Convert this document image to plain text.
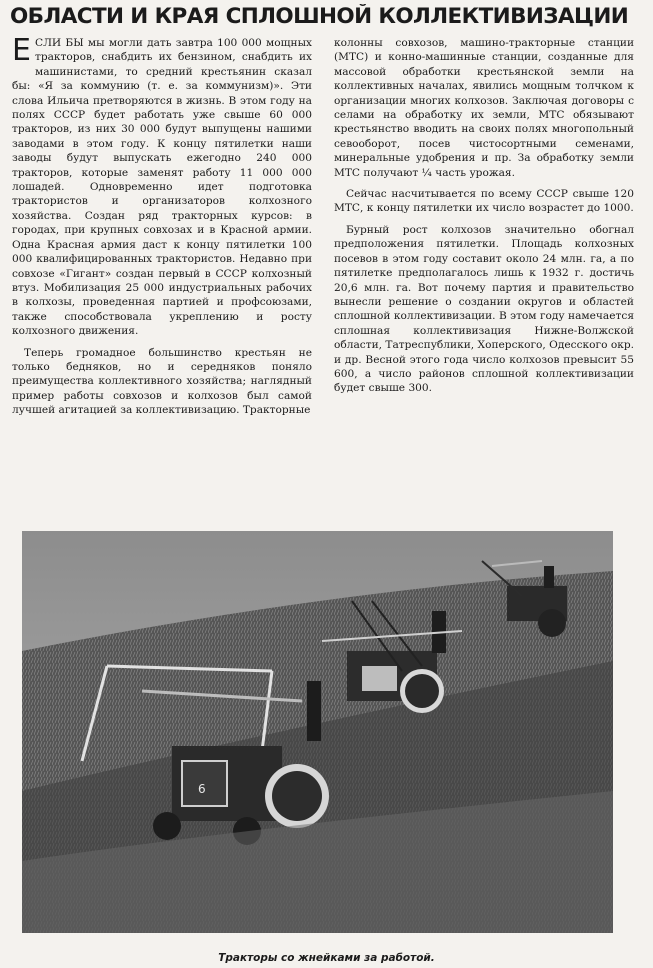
ОБЛАСТИ И КРАЯ СПЛОШНОЙ КОЛЛЕКТИВИЗАЦИИ

ЕСЛИ БЫ мы могли дать завтра 100 000 мощных тракторов, снабдить их бензином, снабдить их машинистами, то средний крестьянин сказал бы: «Я за коммунию (т. е. за коммунизм)». Эти слова Ильича претворяются в жизнь. В этом году на полях СССР будет работать уже свыше 60 000 тракторов, из них 30 000 будут выпущены нашими заводами в этом году. К концу пятилетки наши заводы будут выпускать ежегодно 240 000 тракторов, которые заменят работу 11 000 000 лошадей. Одновременно идет подготовка трактористов и организаторов колхозного хозяйства. Создан ряд тракторных курсов: в городах, при крупных совхозах и в Красной армии. Одна Красная армия даст к концу пятилетки 100 000 квалифицированных трактористов. Недавно при совхозе «Гигант» создан первый в СССР колхозный втуз. Мобилизация 25 000 индустриальных рабочих в колхозы, проведенная партией и профсоюзами, также способствовала укреплению и росту колхозного движения.

Теперь громадное большинство крестьян не только бедняков, но и середняков поняло преимущества коллективного хозяйства; наглядный пример работы совхозов и колхозов был самой лучшей агитацией за коллективизацию. Тракторные

колонны совхозов, машино-тракторные станции (МТС) и конно-машинные станции, созданные для массовой обработки крестьянской земли на коллективных началах, явились мощным толчком к организации многих колхозов. Заключая договоры с селами на обработку их земли, МТС обязывают крестьянство вводить на своих полях многопольный севооборот, посев чистосортными семенами, минеральные удобрения и пр. За обработку земли МТС получают ¼ часть урожая.

Сейчас насчитывается по всему СССР свыше 120 МТС, к концу пятилетки их число возрастет до 1000.

Бурный рост колхозов значительно обогнал предположения пятилетки. Площадь колхозных посевов в этом году составит около 24 млн. га, а по пятилетке предполагалось лишь к 1932 г. достичь 20,6 млн. га. Вот почему партия и правительство вынесли решение о создании округов и областей сплошной коллективизации. В этом году намечается сплошная коллективизация Нижне-Волжской области, Татреспублики, Хоперского, Одесского окр. и др. Весной этого года число колхозов превысит 55 600, а число районов сплошной коллективизации будет свыше 300.

6
Тракторы со жнейками за работой.
